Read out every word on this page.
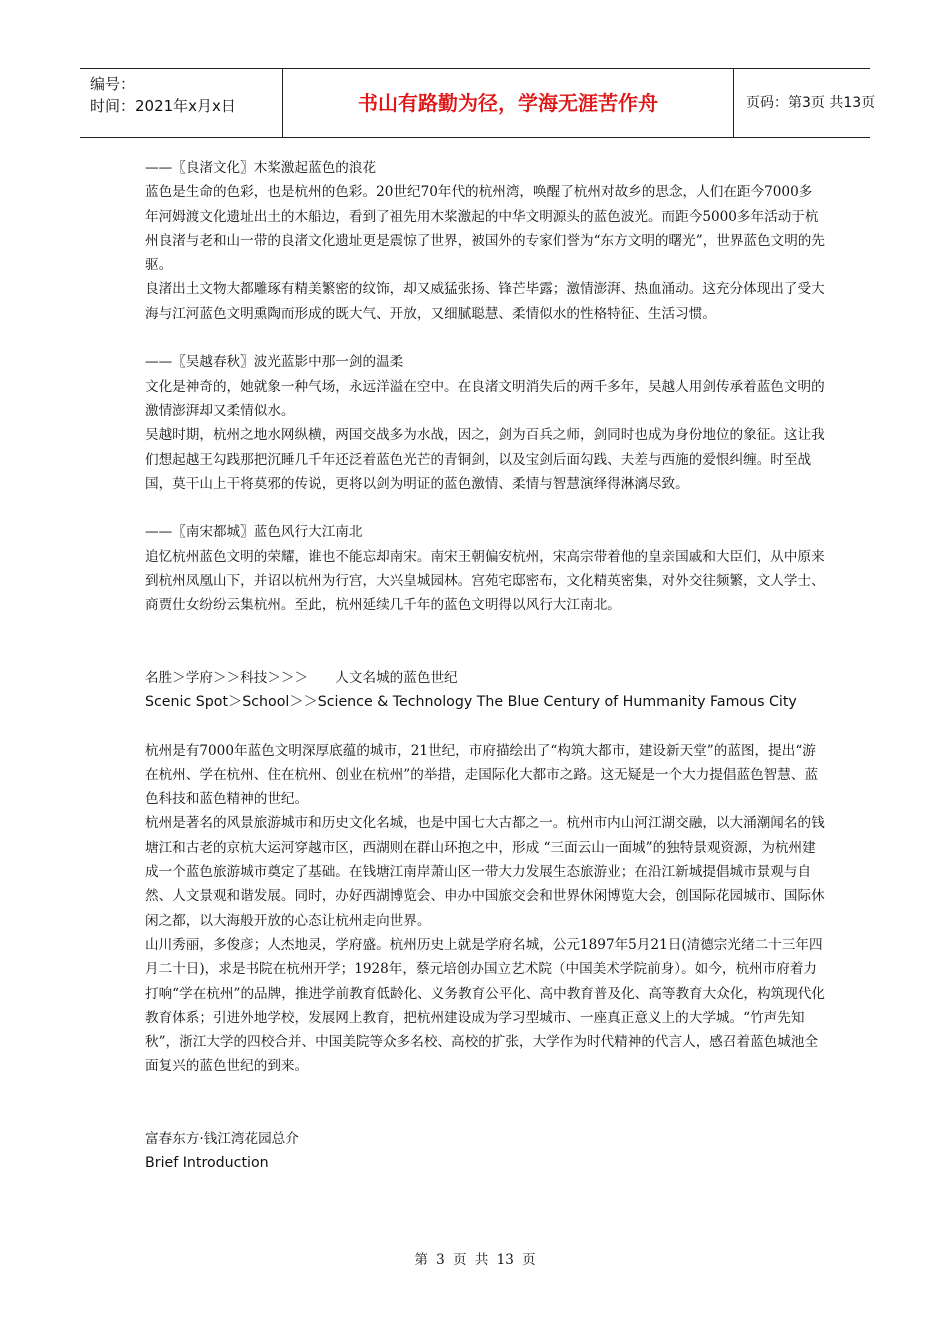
编号：
时间：2021年x月x日	书山有路勤为径，学海无涯苦作舟	页码：第3页 共13页

——〖良渚文化〗木桨激起蓝色的浪花

蓝色是生命的色彩，也是杭州的色彩。20世纪70年代的杭州湾，唤醒了杭州对故乡的思念，人们在距今7000多年河姆渡文化遗址出土的木船边，看到了祖先用木桨激起的中华文明源头的蓝色波光。而距今5000多年活动于杭州良渚与老和山一带的良渚文化遗址更是震惊了世界，被国外的专家们誉为“东方文明的曙光”，世界蓝色文明的先驱。

良渚出土文物大都雕琢有精美繁密的纹饰，却又威猛张扬、锋芒毕露；激情澎湃、热血涌动。这充分体现出了受大海与江河蓝色文明熏陶而形成的既大气、开放，又细腻聪慧、柔情似水的性格特征、生活习惯。

——〖吴越春秋〗波光蓝影中那一剑的温柔

文化是神奇的，她就象一种气场，永远洋溢在空中。在良渚文明消失后的两千多年，吴越人用剑传承着蓝色文明的激情澎湃却又柔情似水。

吴越时期，杭州之地水网纵横，两国交战多为水战，因之，剑为百兵之师，剑同时也成为身份地位的象征。这让我们想起越王勾践那把沉睡几千年还泛着蓝色光芒的青铜剑，以及宝剑后面勾践、夫差与西施的爱恨纠缠。时至战国，莫干山上干将莫邪的传说，更将以剑为明证的蓝色激情、柔情与智慧演绎得淋漓尽致。

——〖南宋都城〗蓝色风行大江南北

追忆杭州蓝色文明的荣耀，谁也不能忘却南宋。南宋王朝偏安杭州，宋高宗带着他的皇亲国戚和大臣们，从中原来到杭州凤凰山下，并诏以杭州为行宫，大兴皇城园林。宫苑宅邸密布，文化精英密集，对外交往频繁，文人学士、商贾仕女纷纷云集杭州。至此，杭州延续几千年的蓝色文明得以风行大江南北。

名胜＞学府＞＞科技＞＞＞　　人文名城的蓝色世纪

Scenic Spot＞School＞＞Science & Technology The Blue Century of Hummanity Famous City

杭州是有7000年蓝色文明深厚底蕴的城市，21世纪，市府描绘出了“构筑大都市，建设新天堂”的蓝图，提出“游在杭州、学在杭州、住在杭州、创业在杭州”的举措，走国际化大都市之路。这无疑是一个大力提倡蓝色智慧、蓝色科技和蓝色精神的世纪。

杭州是著名的风景旅游城市和历史文化名城，也是中国七大古都之一。杭州市内山河江湖交融，以大涌潮闻名的钱塘江和古老的京杭大运河穿越市区，西湖则在群山环抱之中，形成 “三面云山一面城”的独特景观资源，为杭州建成一个蓝色旅游城市奠定了基础。在钱塘江南岸萧山区一带大力发展生态旅游业；在沿江新城提倡城市景观与自然、人文景观和谐发展。同时，办好西湖博览会、申办中国旅交会和世界休闲博览大会，创国际花园城市、国际休闲之都，以大海般开放的心态让杭州走向世界。

山川秀丽，多俊彦；人杰地灵，学府盛。杭州历史上就是学府名城，公元1897年5月21日(清德宗光绪二十三年四月二十日)，求是书院在杭州开学；1928年，蔡元培创办国立艺术院（中国美术学院前身）。如今，杭州市府着力打响“学在杭州”的品牌，推进学前教育低龄化、义务教育公平化、高中教育普及化、高等教育大众化，构筑现代化教育体系；引进外地学校，发展网上教育，把杭州建设成为学习型城市、一座真正意义上的大学城。“竹声先知秋”，浙江大学的四校合并、中国美院等众多名校、高校的扩张，大学作为时代精神的代言人，感召着蓝色城池全面复兴的蓝色世纪的到来。

富春东方·钱江湾花园总介

Brief Introduction

第 3 页 共 13 页
